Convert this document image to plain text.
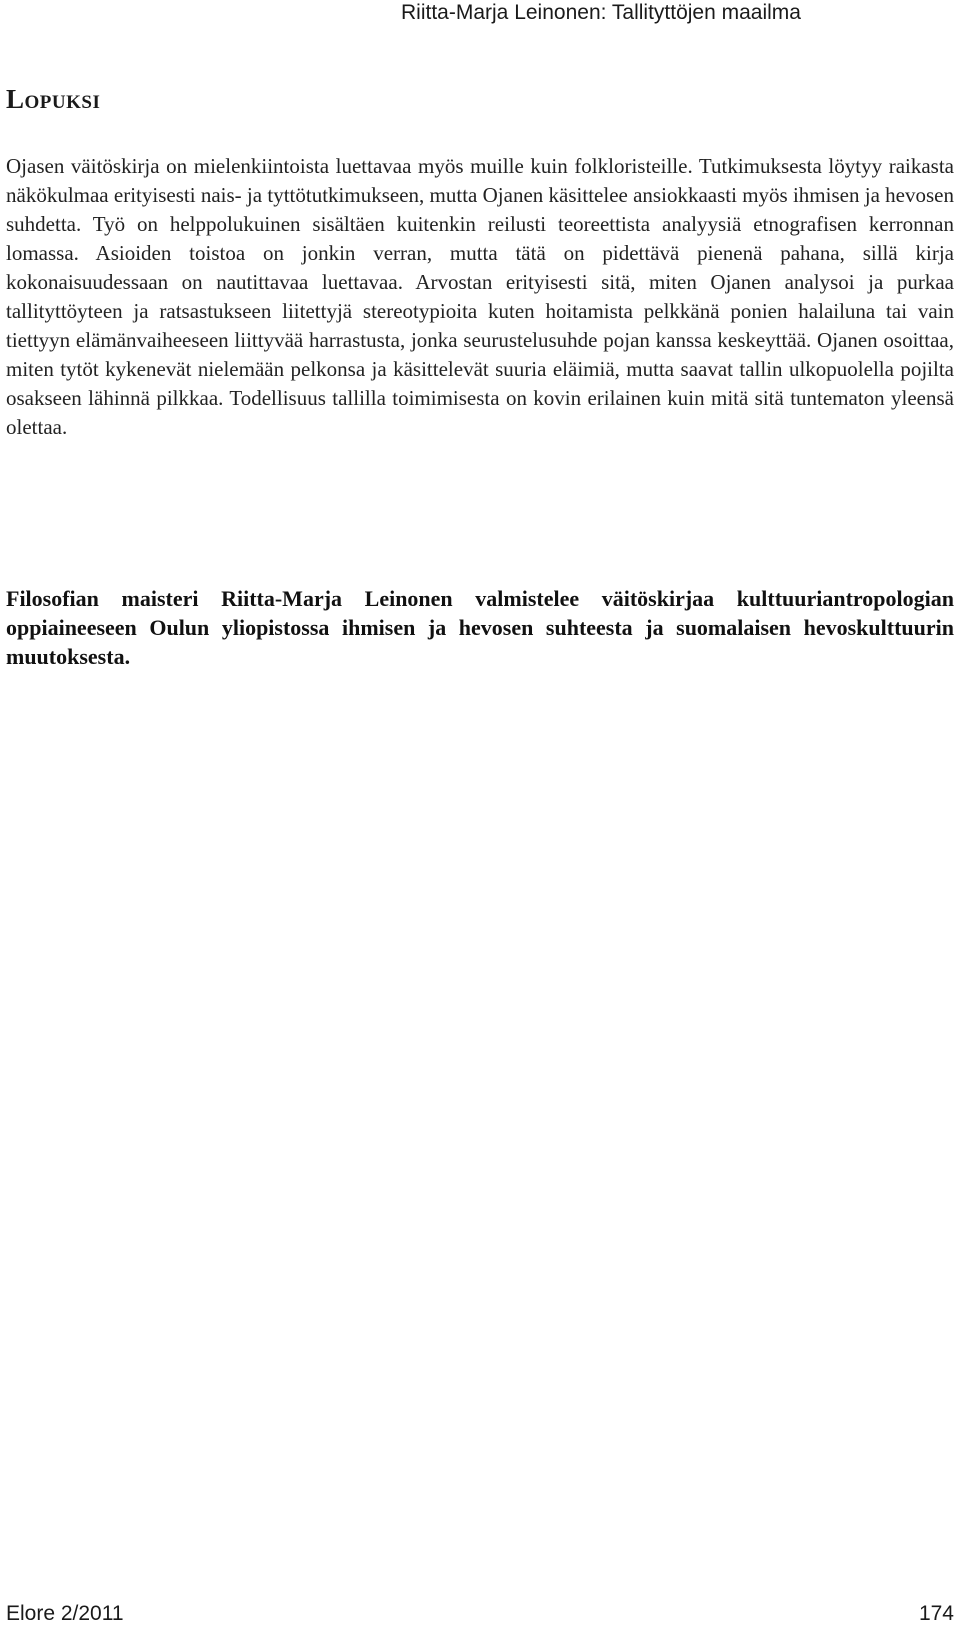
Riitta-Marja Leinonen: Tallityttöjen maailma
Lopuksi

Ojasen väitöskirja on mielenkiintoista luettavaa myös muille kuin folkloristeille. Tutkimuksesta löytyy raikasta näkökulmaa erityisesti nais- ja tyttötutkimukseen, mutta Ojanen käsittelee ansiokkaasti myös ihmisen ja hevosen suhdetta. Työ on helppolukuinen sisältäen kuitenkin reilusti teoreettista analyysiä etnografisen kerronnan lomassa. Asioiden toistoa on jonkin verran, mutta tätä on pidettävä pienenä pahana, sillä kirja kokonaisuudessaan on nautittavaa luettavaa. Arvostan erityisesti sitä, miten Ojanen analysoi ja purkaa tallityttöyteen ja ratsastukseen liitettyjä stereotypioita kuten hoitamista pelkkänä ponien halailuna tai vain tiettyyn elämänvaiheeseen liittyvää harrastusta, jonka seurustelusuhde pojan kanssa keskeyttää. Ojanen osoittaa, miten tytöt kykenevät nielemään pelkonsa ja käsittelevät suuria eläimiä, mutta saavat tallin ulkopuolella pojilta osakseen lähinnä pilkkaa. Todellisuus tallilla toimimisesta on kovin erilainen kuin mitä sitä tuntematon yleensä olettaa.

Filosofian maisteri Riitta-Marja Leinonen valmistelee väitöskirjaa kulttuuriantropologian oppiaineeseen Oulun yliopistossa ihmisen ja hevosen suhteesta ja suomalaisen hevoskulttuurin muutoksesta.

Elore 2/2011	174
